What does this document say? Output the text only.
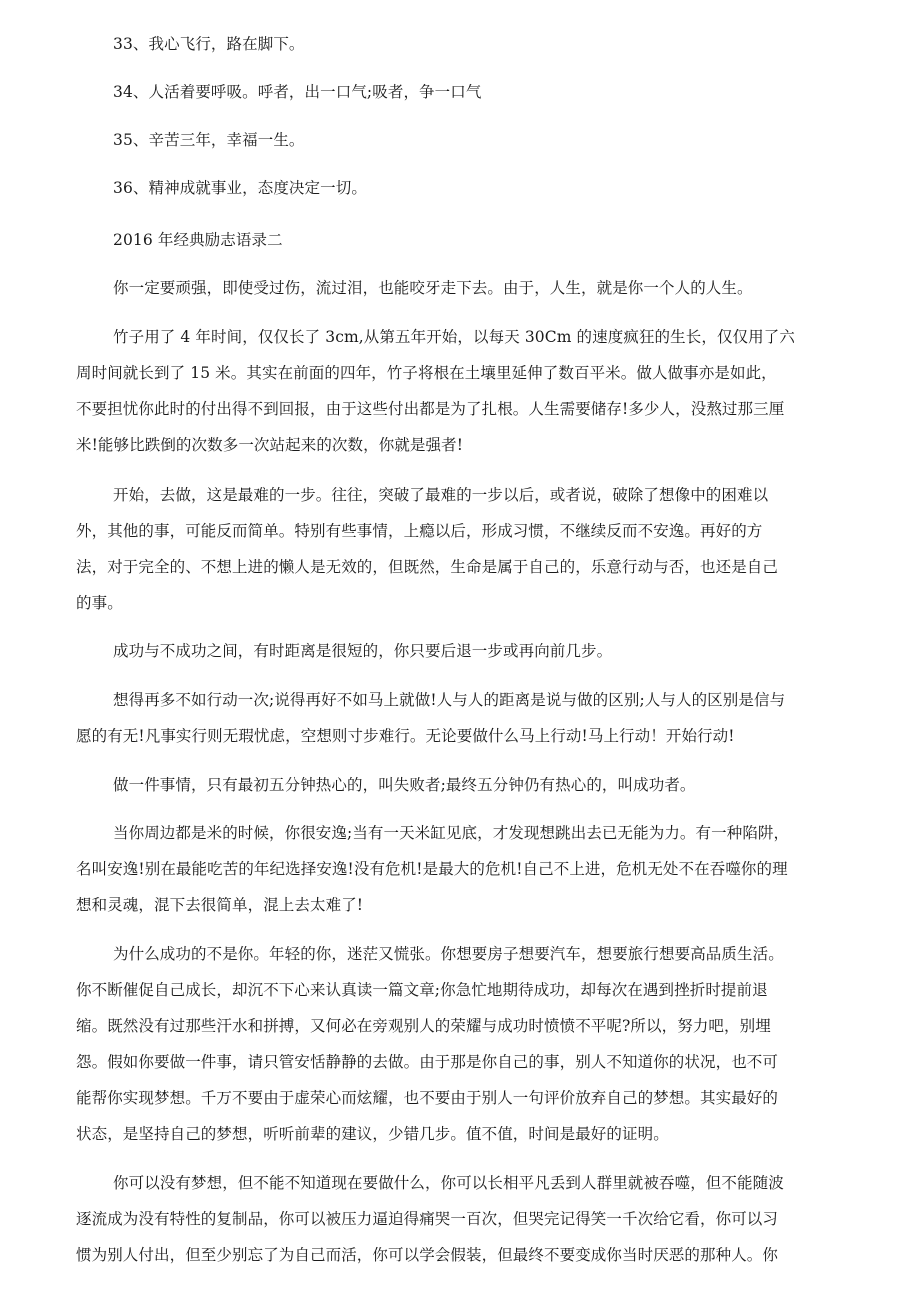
33、我心飞行，路在脚下。
34、人活着要呼吸。呼者，出一口气;吸者，争一口气
35、辛苦三年，幸福一生。
36、精神成就事业，态度决定一切。
2016 年经典励志语录二
你一定要顽强，即使受过伤，流过泪，也能咬牙走下去。由于，人生，就是你一个人的人生。
竹子用了 4 年时间，仅仅长了 3cm,从第五年开始，以每天 30Cm 的速度疯狂的生长，仅仅用了六
周时间就长到了 15 米。其实在前面的四年，竹子将根在土壤里延伸了数百平米。做人做事亦是如此，
不要担忧你此时的付出得不到回报，由于这些付出都是为了扎根。人生需要储存!多少人，没熬过那三厘
米!能够比跌倒的次数多一次站起来的次数，你就是强者!
开始，去做，这是最难的一步。往往，突破了最难的一步以后，或者说，破除了想像中的困难以
外，其他的事，可能反而简单。特别有些事情，上瘾以后，形成习惯，不继续反而不安逸。再好的方
法，对于完全的、不想上进的懒人是无效的，但既然，生命是属于自己的，乐意行动与否，也还是自己
的事。
成功与不成功之间，有时距离是很短的，你只要后退一步或再向前几步。
想得再多不如行动一次;说得再好不如马上就做!人与人的距离是说与做的区别;人与人的区别是信与
愿的有无!凡事实行则无瑕忧虑，空想则寸步难行。无论要做什么马上行动!马上行动！开始行动!
做一件事情，只有最初五分钟热心的，叫失败者;最终五分钟仍有热心的，叫成功者。
当你周边都是米的时候，你很安逸;当有一天米缸见底，才发现想跳出去已无能为力。有一种陷阱，
名叫安逸!别在最能吃苦的年纪选择安逸!没有危机!是最大的危机!自己不上进，危机无处不在吞噬你的理
想和灵魂，混下去很简单，混上去太难了!
为什么成功的不是你。年轻的你，迷茫又慌张。你想要房子想要汽车，想要旅行想要高品质生活。
你不断催促自己成长，却沉不下心来认真读一篇文章;你急忙地期待成功，却每次在遇到挫折时提前退
缩。既然没有过那些汗水和拼搏，又何必在旁观别人的荣耀与成功时愤愤不平呢?所以，努力吧，别埋
怨。假如你要做一件事，请只管安恬静静的去做。由于那是你自己的事，别人不知道你的状况，也不可
能帮你实现梦想。千万不要由于虚荣心而炫耀，也不要由于别人一句评价放弃自己的梦想。其实最好的
状态，是坚持自己的梦想，听听前辈的建议，少错几步。值不值，时间是最好的证明。
你可以没有梦想，但不能不知道现在要做什么，你可以长相平凡丢到人群里就被吞噬，但不能随波
逐流成为没有特性的复制品，你可以被压力逼迫得痛哭一百次，但哭完记得笑一千次给它看，你可以习
惯为别人付出，但至少别忘了为自己而活，你可以学会假装，但最终不要变成你当时厌恶的那种人。你
